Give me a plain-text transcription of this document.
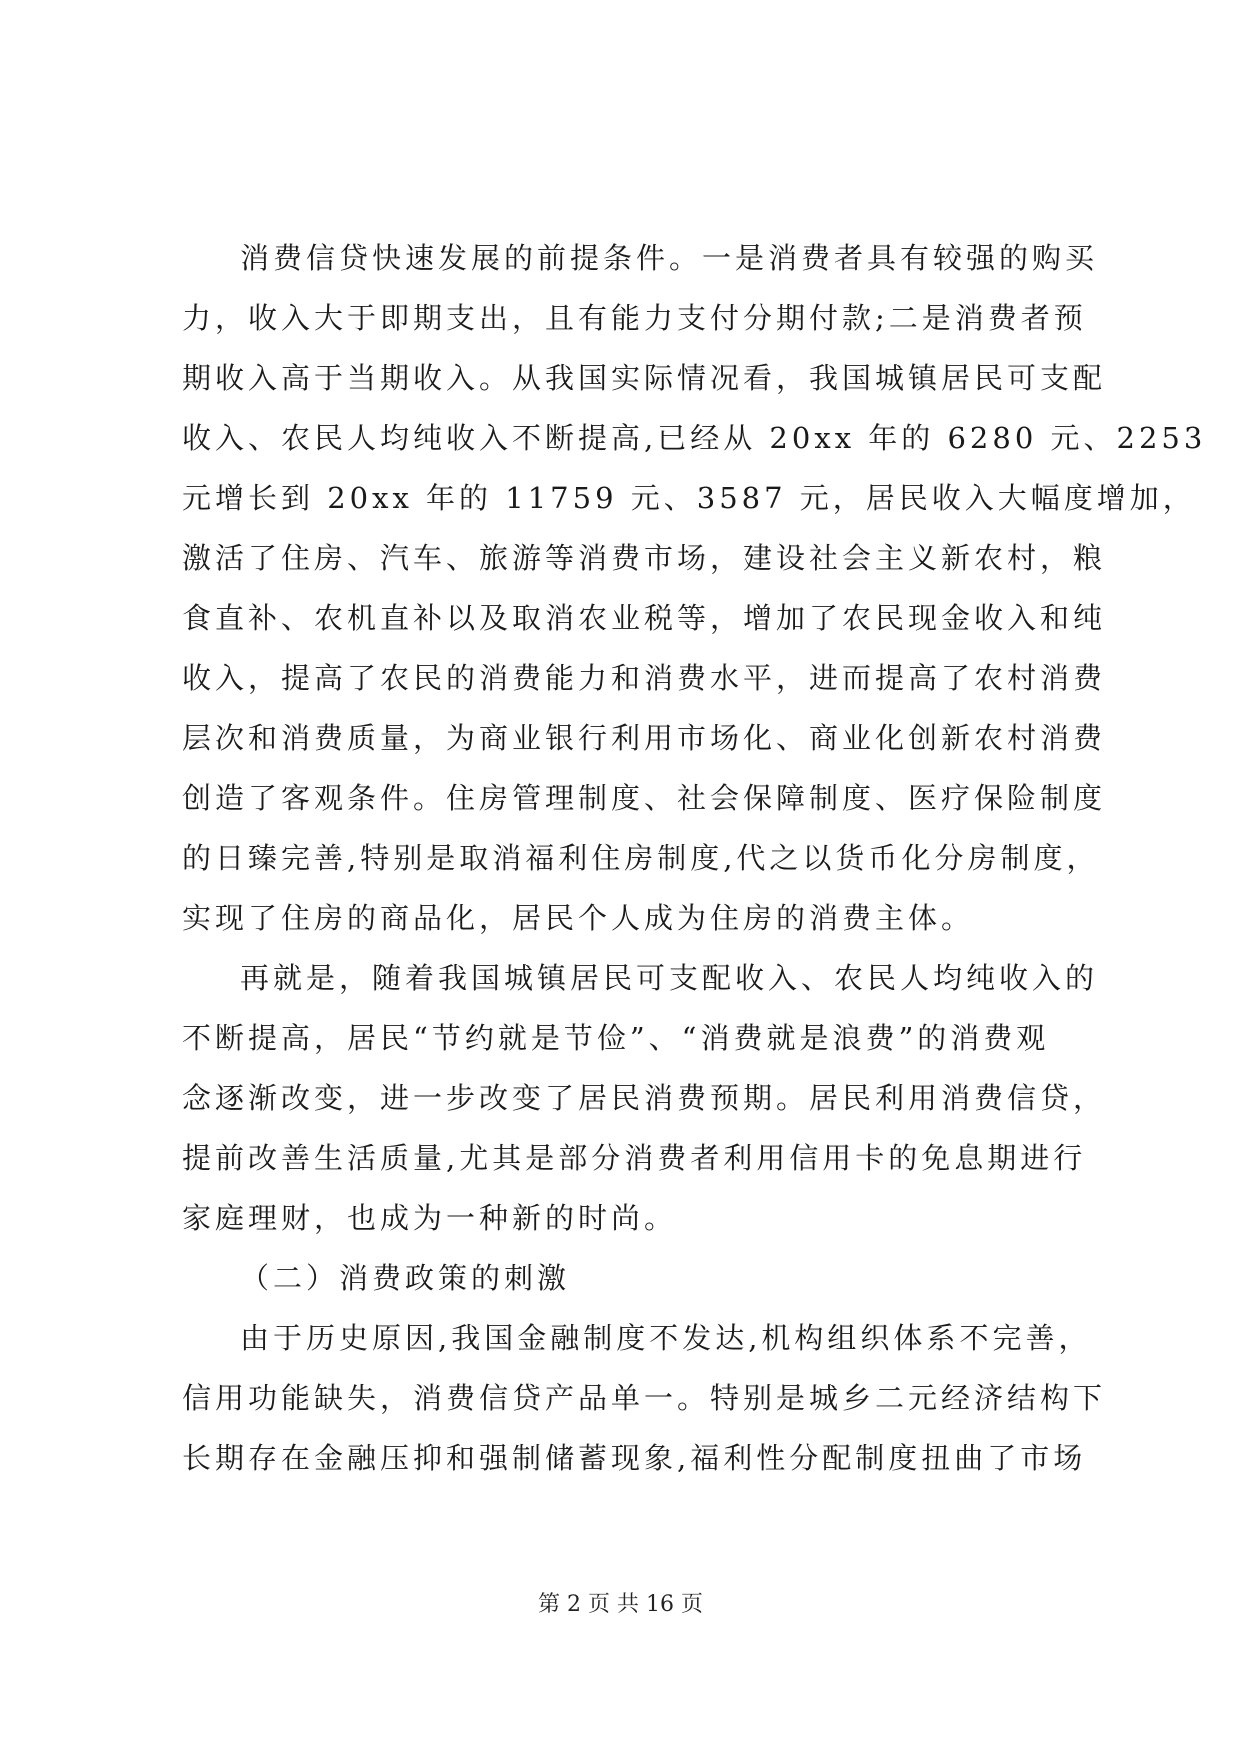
消费信贷快速发展的前提条件。一是消费者具有较强的购买
力，收入大于即期支出，且有能力支付分期付款;二是消费者预
期收入高于当期收入。从我国实际情况看，我国城镇居民可支配
收入、农民人均纯收入不断提高,已经从 20xx 年的 6280 元、2253
元增长到 20xx 年的 11759 元、3587 元，居民收入大幅度增加，
激活了住房、汽车、旅游等消费市场，建设社会主义新农村，粮
食直补、农机直补以及取消农业税等，增加了农民现金收入和纯
收入，提高了农民的消费能力和消费水平，进而提高了农村消费
层次和消费质量，为商业银行利用市场化、商业化创新农村消费
创造了客观条件。住房管理制度、社会保障制度、医疗保险制度
的日臻完善,特别是取消福利住房制度,代之以货币化分房制度，
实现了住房的商品化，居民个人成为住房的消费主体。
再就是，随着我国城镇居民可支配收入、农民人均纯收入的
不断提高，居民“节约就是节俭”、“消费就是浪费”的消费观
念逐渐改变，进一步改变了居民消费预期。居民利用消费信贷，
提前改善生活质量,尤其是部分消费者利用信用卡的免息期进行
家庭理财，也成为一种新的时尚。
（二）消费政策的刺激
由于历史原因,我国金融制度不发达,机构组织体系不完善，
信用功能缺失，消费信贷产品单一。特别是城乡二元经济结构下
长期存在金融压抑和强制储蓄现象,福利性分配制度扭曲了市场
第 2 页 共 16 页
